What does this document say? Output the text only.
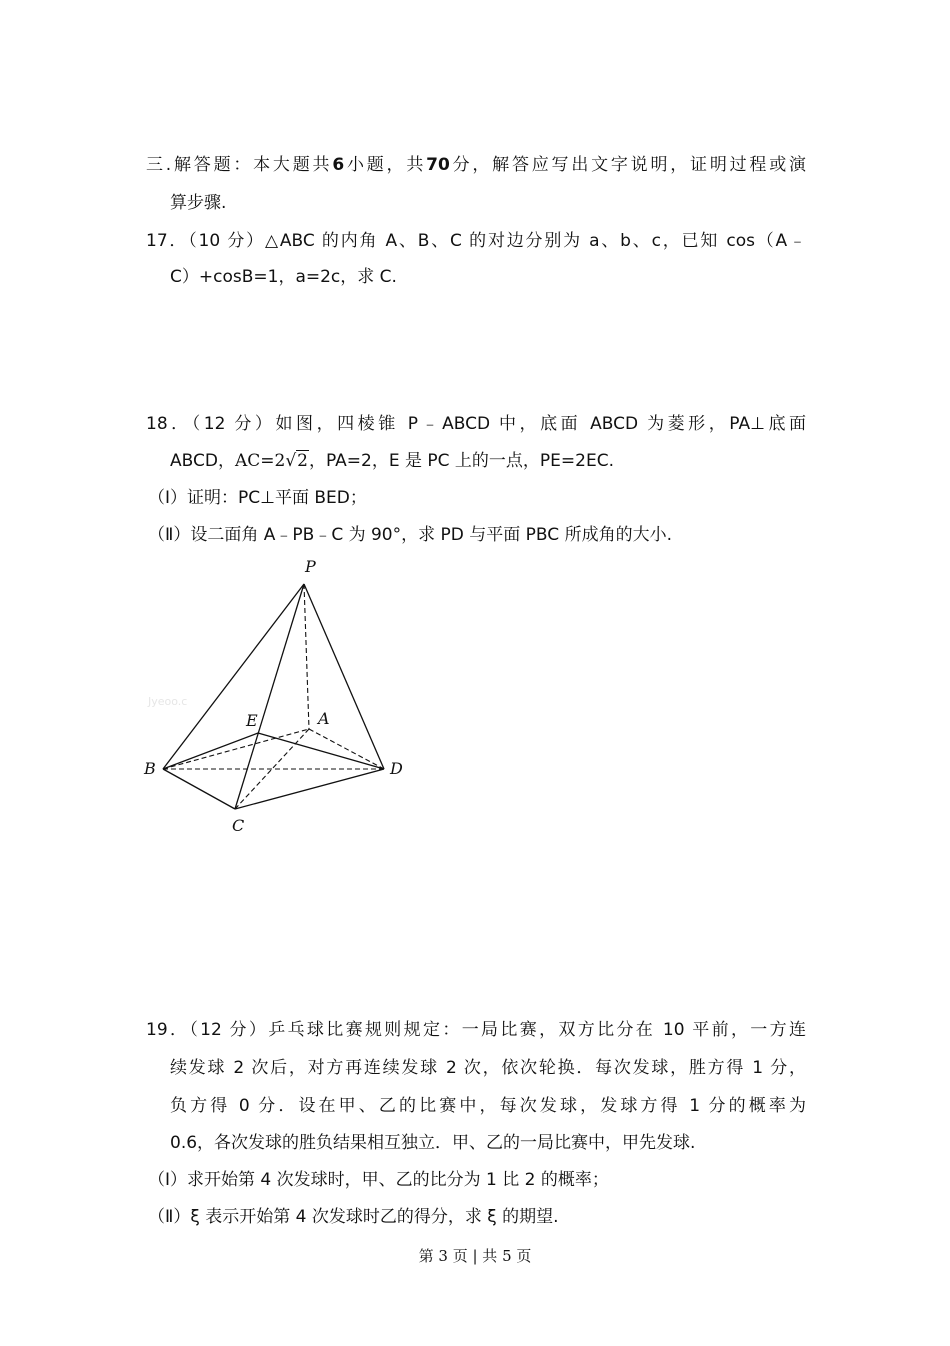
三.解答题：本大题共6小题，共70分，解答应写出文字说明，证明过程或演
算步骤.
17．（10 分）△ABC 的内角 A、B、C 的对边分别为 a、b、c，已知 cos（A﹣
C）+cosB=1，a=2c，求 C.
18．（12 分）如图，四棱锥 P﹣ABCD 中，底面 ABCD 为菱形，PA⊥底面
ABCD，AC=2√2，PA=2，E 是 PC 上的一点，PE=2EC.
（Ⅰ）证明：PC⊥平面 BED；
（Ⅱ）设二面角 A﹣PB﹣C 为 90°，求 PD 与平面 PBC 所成角的大小.
P
E	A
B	D
C
Jyeoo.c
19．（12 分）乒乓球比赛规则规定：一局比赛，双方比分在 10 平前，一方连
续发球 2 次后，对方再连续发球 2 次，依次轮换．每次发球，胜方得 1 分，
负方得 0 分．设在甲、乙的比赛中，每次发球，发球方得 1 分的概率为
0.6，各次发球的胜负结果相互独立．甲、乙的一局比赛中，甲先发球.
（Ⅰ）求开始第 4 次发球时，甲、乙的比分为 1 比 2 的概率；
（Ⅱ）ξ 表示开始第 4 次发球时乙的得分，求 ξ 的期望.
第 3 页 | 共 5 页
